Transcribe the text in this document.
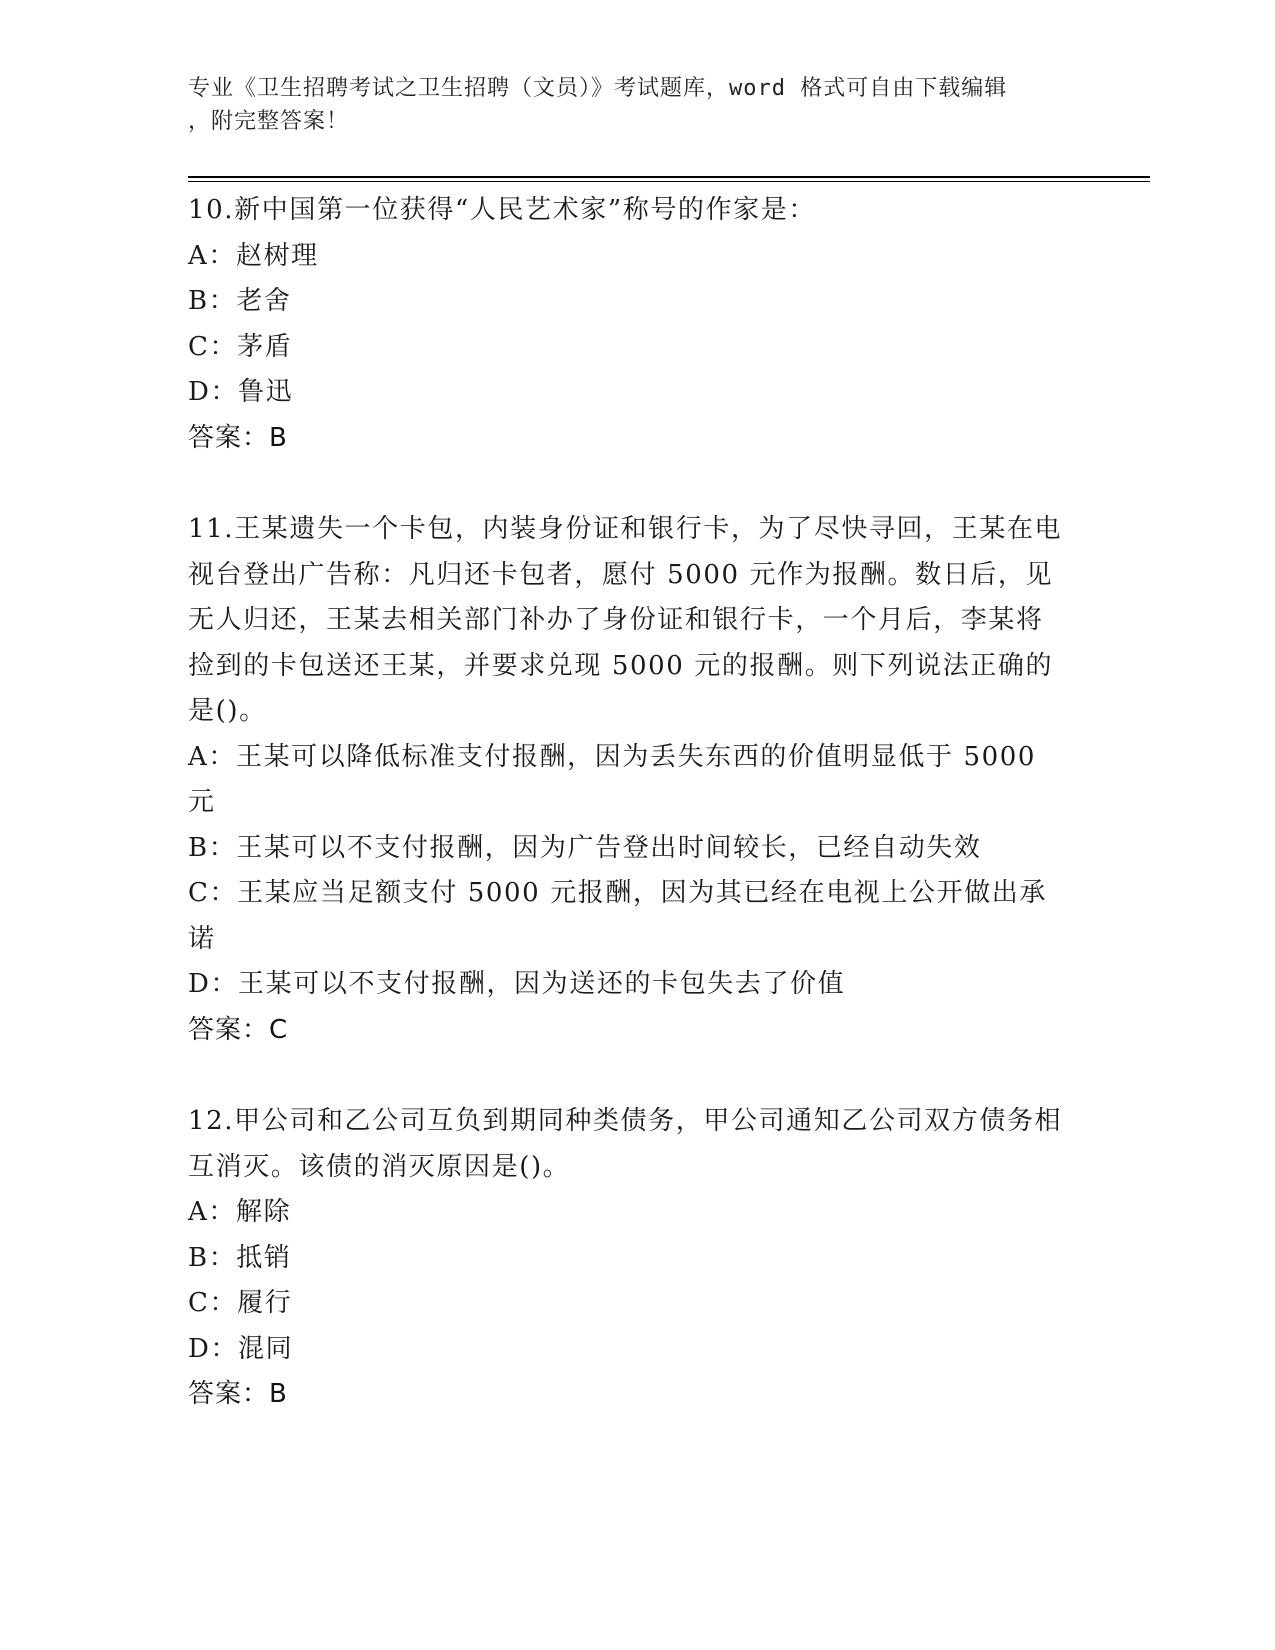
专业《卫生招聘考试之卫生招聘（文员）》考试题库，word 格式可自由下载编辑
，附完整答案！
10.新中国第一位获得“人民艺术家”称号的作家是：
A：赵树理
B：老舍
C：茅盾
D：鲁迅
答案：B
11.王某遗失一个卡包，内装身份证和银行卡，为了尽快寻回，王某在电视台登出广告称：凡归还卡包者，愿付 5000 元作为报酬。数日后，见无人归还，王某去相关部门补办了身份证和银行卡，一个月后，李某将捡到的卡包送还王某，并要求兑现 5000 元的报酬。则下列说法正确的是()。
A：王某可以降低标准支付报酬，因为丢失东西的价值明显低于 5000 元
B：王某可以不支付报酬，因为广告登出时间较长，已经自动失效
C：王某应当足额支付 5000 元报酬，因为其已经在电视上公开做出承诺
D：王某可以不支付报酬，因为送还的卡包失去了价值
答案：C
12.甲公司和乙公司互负到期同种类债务，甲公司通知乙公司双方债务相互消灭。该债的消灭原因是()。
A：解除
B：抵销
C：履行
D：混同
答案：B
